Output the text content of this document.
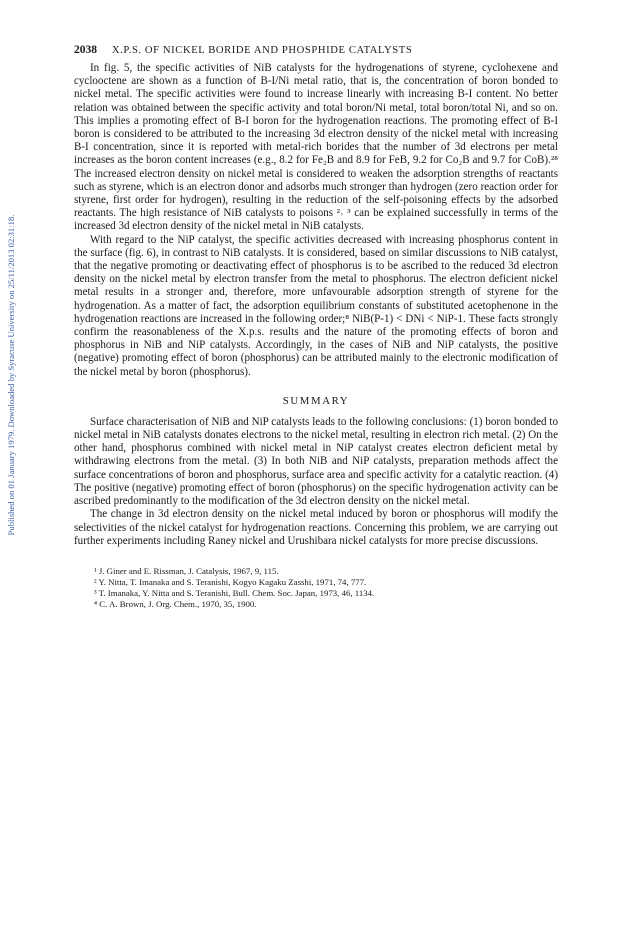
Published on 01 January 1979. Downloaded by Syracuse University on 25/11/2013 02:31:18.
2038 X.P.S. OF NICKEL BORIDE AND PHOSPHIDE CATALYSTS

In fig. 5, the specific activities of NiB catalysts for the hydrogenations of styrene, cyclohexene and cyclooctene are shown as a function of B-I/Ni metal ratio, that is, the concentration of boron bonded to nickel metal. The specific activities were found to increase linearly with increasing B-I content. No better relation was obtained between the specific activity and total boron/Ni metal, total boron/total Ni, and so on. This implies a promoting effect of B-I boron for the hydrogenation reactions. The promoting effect of B-I boron is considered to be attributed to the increasing 3d electron density of the nickel metal with increasing B-I concentration, since it is reported with metal-rich borides that the number of 3d electrons per metal increases as the boron content increases (e.g., 8.2 for Fe₂B and 8.9 for FeB, 9.2 for Co₂B and 9.7 for CoB).²⁸ The increased electron density on nickel metal is considered to weaken the adsorption strengths of reactants such as styrene, which is an electron donor and adsorbs much stronger than hydrogen (zero reaction order for styrene, first order for hydrogen), resulting in the reduction of the self-poisoning effects by the adsorbed reactants. The high resistance of NiB catalysts to poisons ²˒ ³ can be explained successfully in terms of the increased 3d electron density of the nickel metal in NiB catalysts.

With regard to the NiP catalyst, the specific activities decreased with increasing phosphorus content in the surface (fig. 6), in contrast to NiB catalysts. It is considered, based on similar discussions to NiB catalyst, that the negative promoting or deactivating effect of phosphorus is to be ascribed to the reduced 3d electron density on the nickel metal by electron transfer from the metal to phosphorus. The electron deficient nickel metal results in a stronger and, therefore, more unfavourable adsorption strength of styrene for the hydrogenation. As a matter of fact, the adsorption equilibrium constants of substituted acetophenone in the hydrogenation reactions are increased in the following order;⁸ NiB(P-1) < DNi < NiP-1. These facts strongly confirm the reasonableness of the X.p.s. results and the nature of the promoting effects of boron and phosphorus in NiB and NiP catalysts. Accordingly, in the cases of NiB and NiP catalysts, the positive (negative) promoting effect of boron (phosphorus) can be attributed mainly to the electronic modification of the nickel metal by boron (phosphorus).

SUMMARY

Surface characterisation of NiB and NiP catalysts leads to the following conclusions: (1) boron bonded to nickel metal in NiB catalysts donates electrons to the nickel metal, resulting in electron rich metal. (2) On the other hand, phosphorus combined with nickel metal in NiP catalyst creates electron deficient metal by withdrawing electrons from the metal. (3) In both NiB and NiP catalysts, preparation methods affect the surface concentrations of boron and phosphorus, surface area and specific activity for a catalytic reaction. (4) The positive (negative) promoting effect of boron (phosphorus) on the specific hydrogenation activity can be ascribed predominantly to the modification of the 3d electron density on the nickel metal.

The change in 3d electron density on the nickel metal induced by boron or phosphorus will modify the selectivities of the nickel catalyst for hydrogenation reactions. Concerning this problem, we are carrying out further experiments including Raney nickel and Urushibara nickel catalysts for more precise discussions.

¹ J. Giner and E. Rissman, J. Catalysis, 1967, 9, 115.
² Y. Nitta, T. Imanaka and S. Teranishi, Kogyo Kagaku Zasshi, 1971, 74, 777.
³ T. Imanaka, Y. Nitta and S. Teranishi, Bull. Chem. Soc. Japan, 1973, 46, 1134.
⁴ C. A. Brown, J. Org. Chem., 1970, 35, 1900.
